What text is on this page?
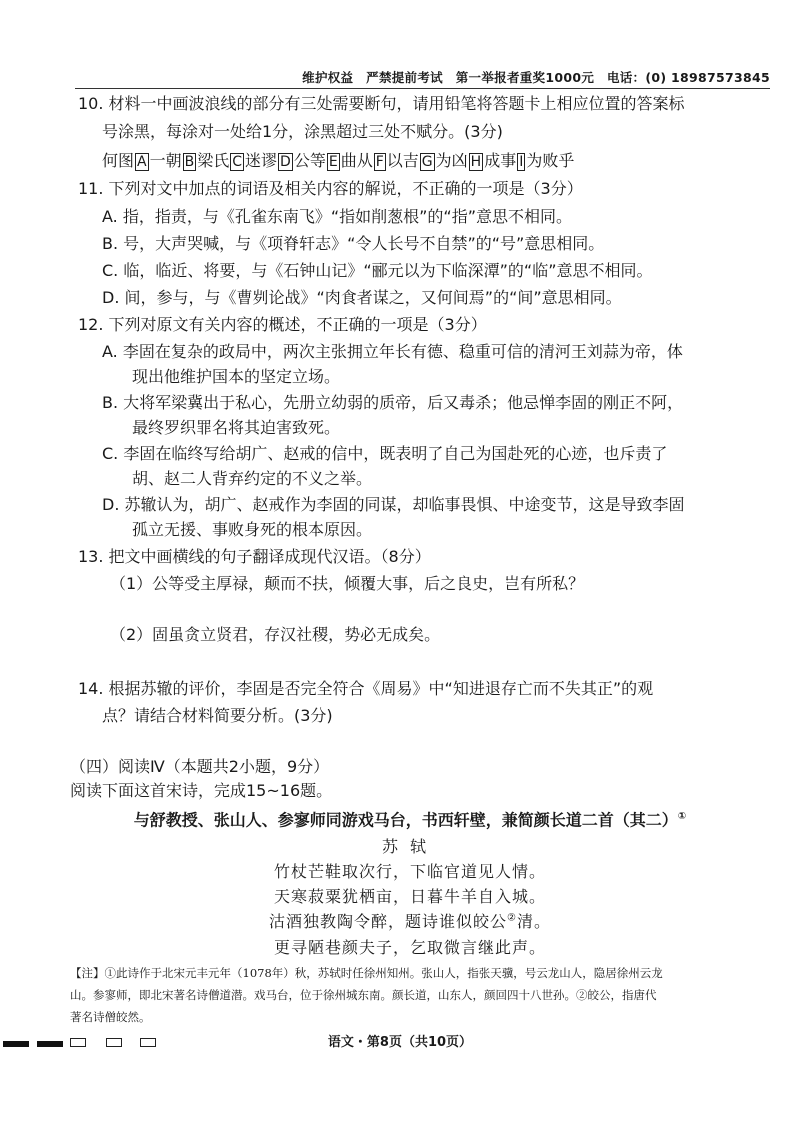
维护权益　严禁提前考试　第一举报者重奖1000元　电话：(0) 18987573845
10. 材料一中画波浪线的部分有三处需要断句，请用铅笔将答题卡上相应位置的答案标
号涂黑，每涂对一处给1分，涂黑超过三处不赋分。(3分)
何图 A 一朝 B 梁氏 C 迷谬 D 公等 E 曲从 F 以吉 G 为凶 H 成事 I 为败乎
11. 下列对文中加点的词语及相关内容的解说，不正确的一项是（3分）
A. 指，指责，与《孔雀东南飞》“指如削葱根”的“指”意思不相同。
B. 号，大声哭喊，与《项脊轩志》“令人长号不自禁”的“号”意思相同。
C. 临，临近、将要，与《石钟山记》“郦元以为下临深潭”的“临”意思不相同。
D. 间，参与，与《曹刿论战》“肉食者谋之，又何间焉”的“间”意思相同。
12. 下列对原文有关内容的概述，不正确的一项是（3分）
A. 李固在复杂的政局中，两次主张拥立年长有德、稳重可信的清河王刘蒜为帝，体
现出他维护国本的坚定立场。
B. 大将军梁冀出于私心，先册立幼弱的质帝，后又毒杀；他忌惮李固的刚正不阿，
最终罗织罪名将其迫害致死。
C. 李固在临终写给胡广、赵戒的信中，既表明了自己为国赴死的心迹，也斥责了
胡、赵二人背弃约定的不义之举。
D. 苏辙认为，胡广、赵戒作为李固的同谋，却临事畏惧、中途变节，这是导致李固
孤立无援、事败身死的根本原因。
13. 把文中画横线的句子翻译成现代汉语。（8分）
（1）公等受主厚禄，颠而不扶，倾覆大事，后之良史，岂有所私？
（2）固虽贪立贤君，存汉社稷，势必无成矣。
14. 根据苏辙的评价，李固是否完全符合《周易》中“知进退存亡而不失其正”的观
点？请结合材料简要分析。(3分)
（四）阅读Ⅳ（本题共2小题，9分）
阅读下面这首宋诗，完成15~16题。
与舒教授、张山人、参寥师同游戏马台，书西轩壁，兼简颜长道二首（其二）①
苏轼
竹杖芒鞋取次行，下临官道见人情。
天寒菽粟犹栖亩，日暮牛羊自入城。
沽酒独教陶令醉，题诗谁似皎公②清。
更寻陋巷颜夫子，乞取微言继此声。
【注】①此诗作于北宋元丰元年（1078年）秋，苏轼时任徐州知州。张山人，指张天骥，号云龙山人，隐居徐州云龙
山。参寥师，即北宋著名诗僧道潜。戏马台，位于徐州城东南。颜长道，山东人，颜回四十八世孙。②皎公，指唐代
著名诗僧皎然。
语文・第8页（共10页）
